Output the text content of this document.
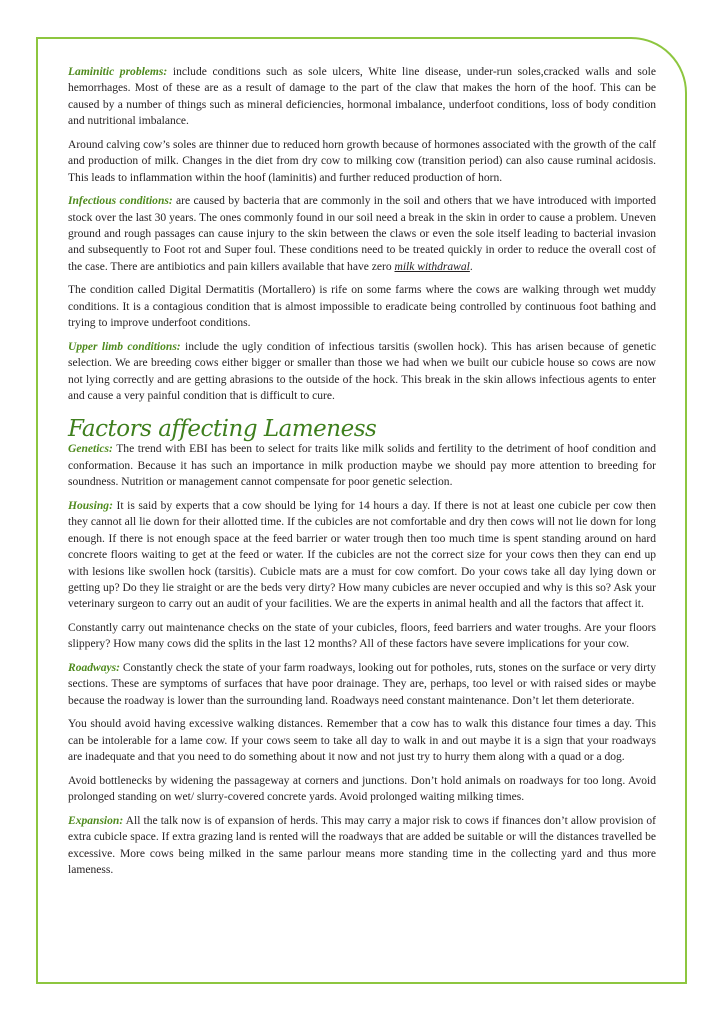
Laminitic problems: include conditions such as sole ulcers, White line disease, under-run soles,cracked walls and sole hemorrhages. Most of these are as a result of damage to the part of the claw that makes the horn of the hoof. This can be caused by a number of things such as mineral deficiencies, hormonal imbalance, underfoot conditions, loss of body condition and nutritional imbalance.

Around calving cow’s soles are thinner due to reduced horn growth because of hormones associated with the growth of the calf and production of milk. Changes in the diet from dry cow to milking cow (transition period) can also cause ruminal acidosis. This leads to inflammation within the hoof (laminitis) and further reduced production of horn.

Infectious conditions: are caused by bacteria that are commonly in the soil and others that we have introduced with imported stock over the last 30 years. The ones commonly found in our soil need a break in the skin in order to cause a problem. Uneven ground and rough passages can cause injury to the skin between the claws or even the sole itself leading to bacterial invasion and subsequently to Foot rot and Super foul. These conditions need to be treated quickly in order to reduce the overall cost of the case. There are antibiotics and pain killers available that have zero milk withdrawal.

The condition called Digital Dermatitis (Mortallero) is rife on some farms where the cows are walking through wet muddy conditions. It is a contagious condition that is almost impossible to eradicate being controlled by continuous foot bathing and trying to improve underfoot conditions.

Upper limb conditions: include the ugly condition of infectious tarsitis (swollen hock). This has arisen because of genetic selection. We are breeding cows either bigger or smaller than those we had when we built our cubicle house so cows are now not lying correctly and are getting abrasions to the outside of the hock. This break in the skin allows infectious agents to enter and cause a very painful condition that is difficult to cure.

Factors affecting Lameness

Genetics: The trend with EBI has been to select for traits like milk solids and fertility to the detriment of hoof condition and conformation. Because it has such an importance in milk production maybe we should pay more attention to breeding for soundness. Nutrition or management cannot compensate for poor genetic selection.

Housing: It is said by experts that a cow should be lying for 14 hours a day. If there is not at least one cubicle per cow then they cannot all lie down for their allotted time. If the cubicles are not comfortable and dry then cows will not lie down for long enough. If there is not enough space at the feed barrier or water trough then too much time is spent standing around on hard concrete floors waiting to get at the feed or water. If the cubicles are not the correct size for your cows then they can end up with lesions like swollen hock (tarsitis). Cubicle mats are a must for cow comfort. Do your cows take all day lying down or getting up? Do they lie straight or are the beds very dirty? How many cubicles are never occupied and why is this so? Ask your veterinary surgeon to carry out an audit of your facilities. We are the experts in animal health and all the factors that affect it.

Constantly carry out maintenance checks on the state of your cubicles, floors, feed barriers and water troughs. Are your floors slippery? How many cows did the splits in the last 12 months? All of these factors have severe implications for your cow.

Roadways: Constantly check the state of your farm roadways, looking out for potholes, ruts, stones on the surface or very dirty sections. These are symptoms of surfaces that have poor drainage. They are, perhaps, too level or with raised sides or maybe because the roadway is lower than the surrounding land. Roadways need constant maintenance. Don’t let them deteriorate.

You should avoid having excessive walking distances. Remember that a cow has to walk this distance four times a day. This can be intolerable for a lame cow. If your cows seem to take all day to walk in and out maybe it is a sign that your roadways are inadequate and that you need to do something about it now and not just try to hurry them along with a quad or a dog.

Avoid bottlenecks by widening the passageway at corners and junctions. Don’t hold animals on roadways for too long. Avoid prolonged standing on wet/ slurry-covered concrete yards. Avoid prolonged waiting milking times.

Expansion: All the talk now is of expansion of herds. This may carry a major risk to cows if finances don’t allow provision of extra cubicle space. If extra grazing land is rented will the roadways that are added be suitable or will the distances travelled be excessive. More cows being milked in the same parlour means more standing time in the collecting yard and thus more lameness.
